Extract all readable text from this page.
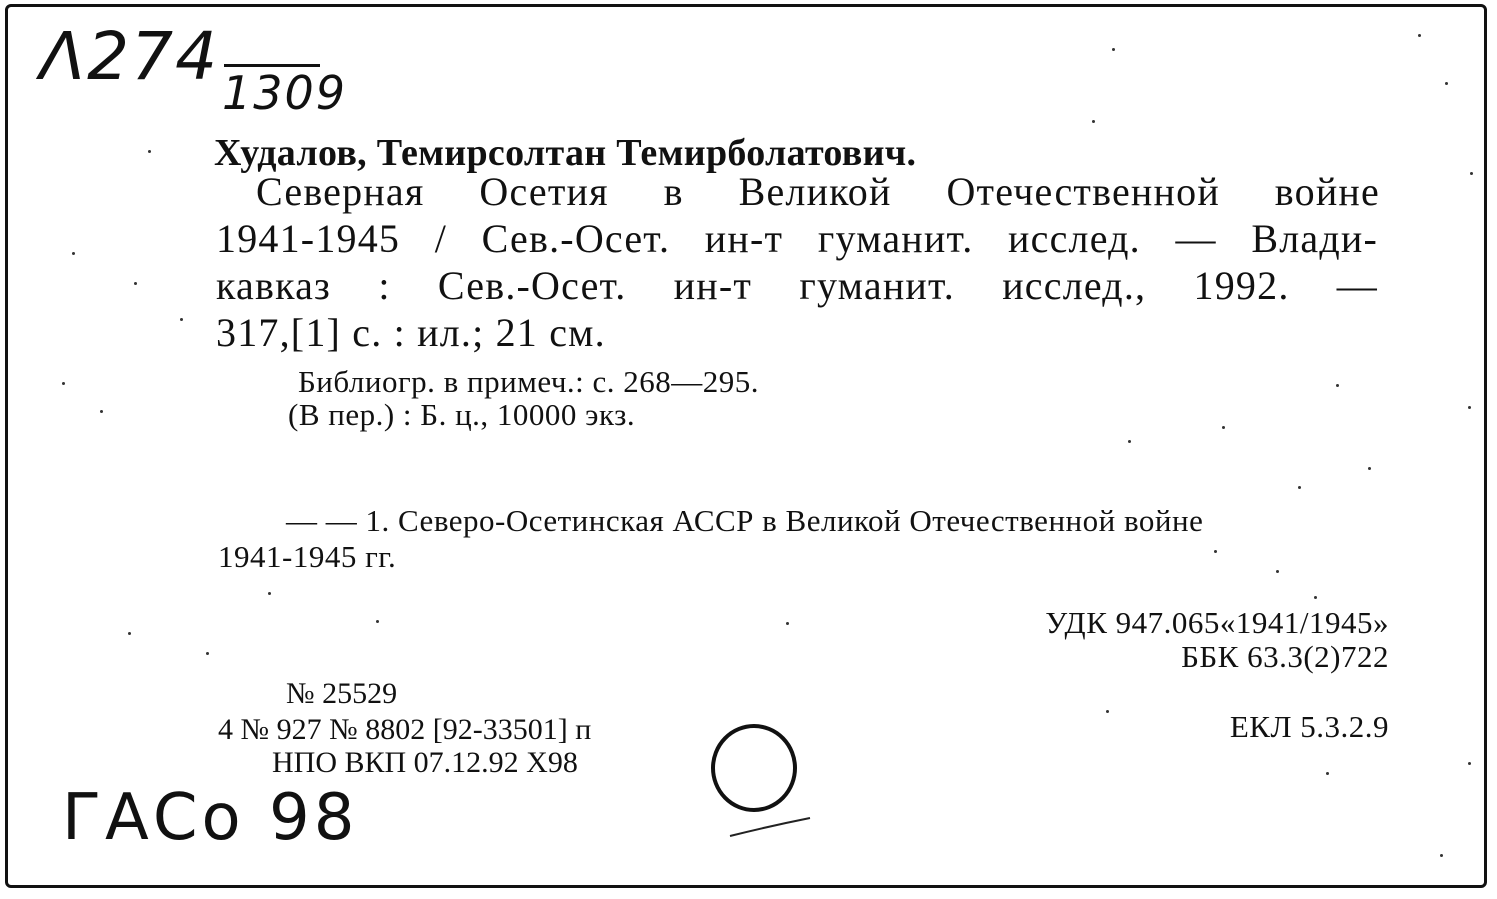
Λ274 1309
Худалов, Темирсолтан Темирболатович.
Северная Осетия в Великой Отечественной войне
1941-1945 / Сев.-Осет. ин-т гуманит. исслед. — Влади-
кавказ : Сев.-Осет. ин-т гуманит. исслед., 1992. —
317,[1] с. : ил.; 21 см.
Библиогр. в примеч.: с. 268—295.
(В пер.) : Б. ц., 10000 экз.
— — 1. Северо-Осетинская АССР в Великой Отечественной войне
1941-1945 гг.
УДК 947.065«1941/1945»
ББК 63.3(2)722
ЕКЛ 5.3.2.9
№ 25529
4 № 927 № 8802 [92-33501] п
НПО ВКП 07.12.92 Х98
ГАСо 98
